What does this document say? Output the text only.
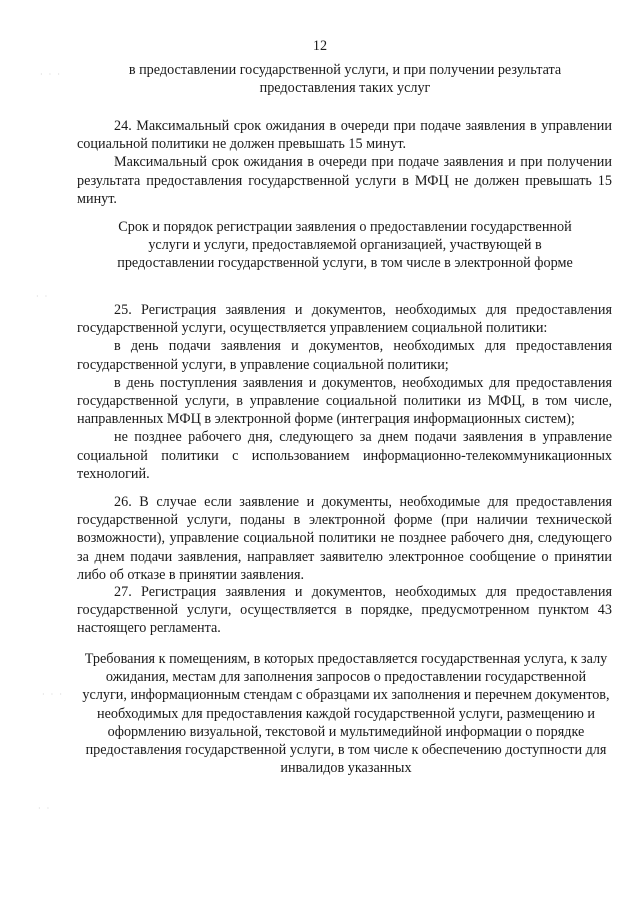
12

в предоставлении государственной услуги, и при получении результата предоставления таких услуг

24. Максимальный срок ожидания в очереди при подаче заявления в управлении социальной политики не должен превышать 15 минут.

Максимальный срок ожидания в очереди при подаче заявления и при получении результата предоставления государственной услуги в МФЦ не должен превышать 15 минут.

Срок и порядок регистрации заявления о предоставлении государственной услуги и услуги, предоставляемой организацией, участвующей в предоставлении государственной услуги, в том числе в электронной форме

25. Регистрация заявления и документов, необходимых для предоставления государственной услуги, осуществляется управлением социальной политики:

в день подачи заявления и документов, необходимых для предоставления государственной услуги, в управление социальной политики;

в день поступления заявления и документов, необходимых для предоставления государственной услуги, в управление социальной политики из МФЦ, в том числе, направленных МФЦ в электронной форме (интеграция информационных систем);

не позднее рабочего дня, следующего за днем подачи заявления в управление социальной политики с использованием информационно-телекоммуникационных технологий.

26. В случае если заявление и документы, необходимые для предоставления государственной услуги, поданы в электронной форме (при наличии технической возможности), управление социальной политики не позднее рабочего дня, следующего за днем подачи заявления, направляет заявителю электронное сообщение о принятии либо об отказе в принятии заявления.

27. Регистрация заявления и документов, необходимых для предоставления государственной услуги, осуществляется в порядке, предусмотренном пунктом 43 настоящего регламента.

Требования к помещениям, в которых предоставляется государственная услуга, к залу ожидания, местам для заполнения запросов о предоставлении государственной услуги, информационным стендам с образцами их заполнения и перечнем документов, необходимых для предоставления каждой государственной услуги, размещению и оформлению визуальной, текстовой и мультимедийной информации о порядке предоставления государственной услуги, в том числе к обеспечению доступности для инвалидов указанных
· · ·
· ·
· · ·
· ·
